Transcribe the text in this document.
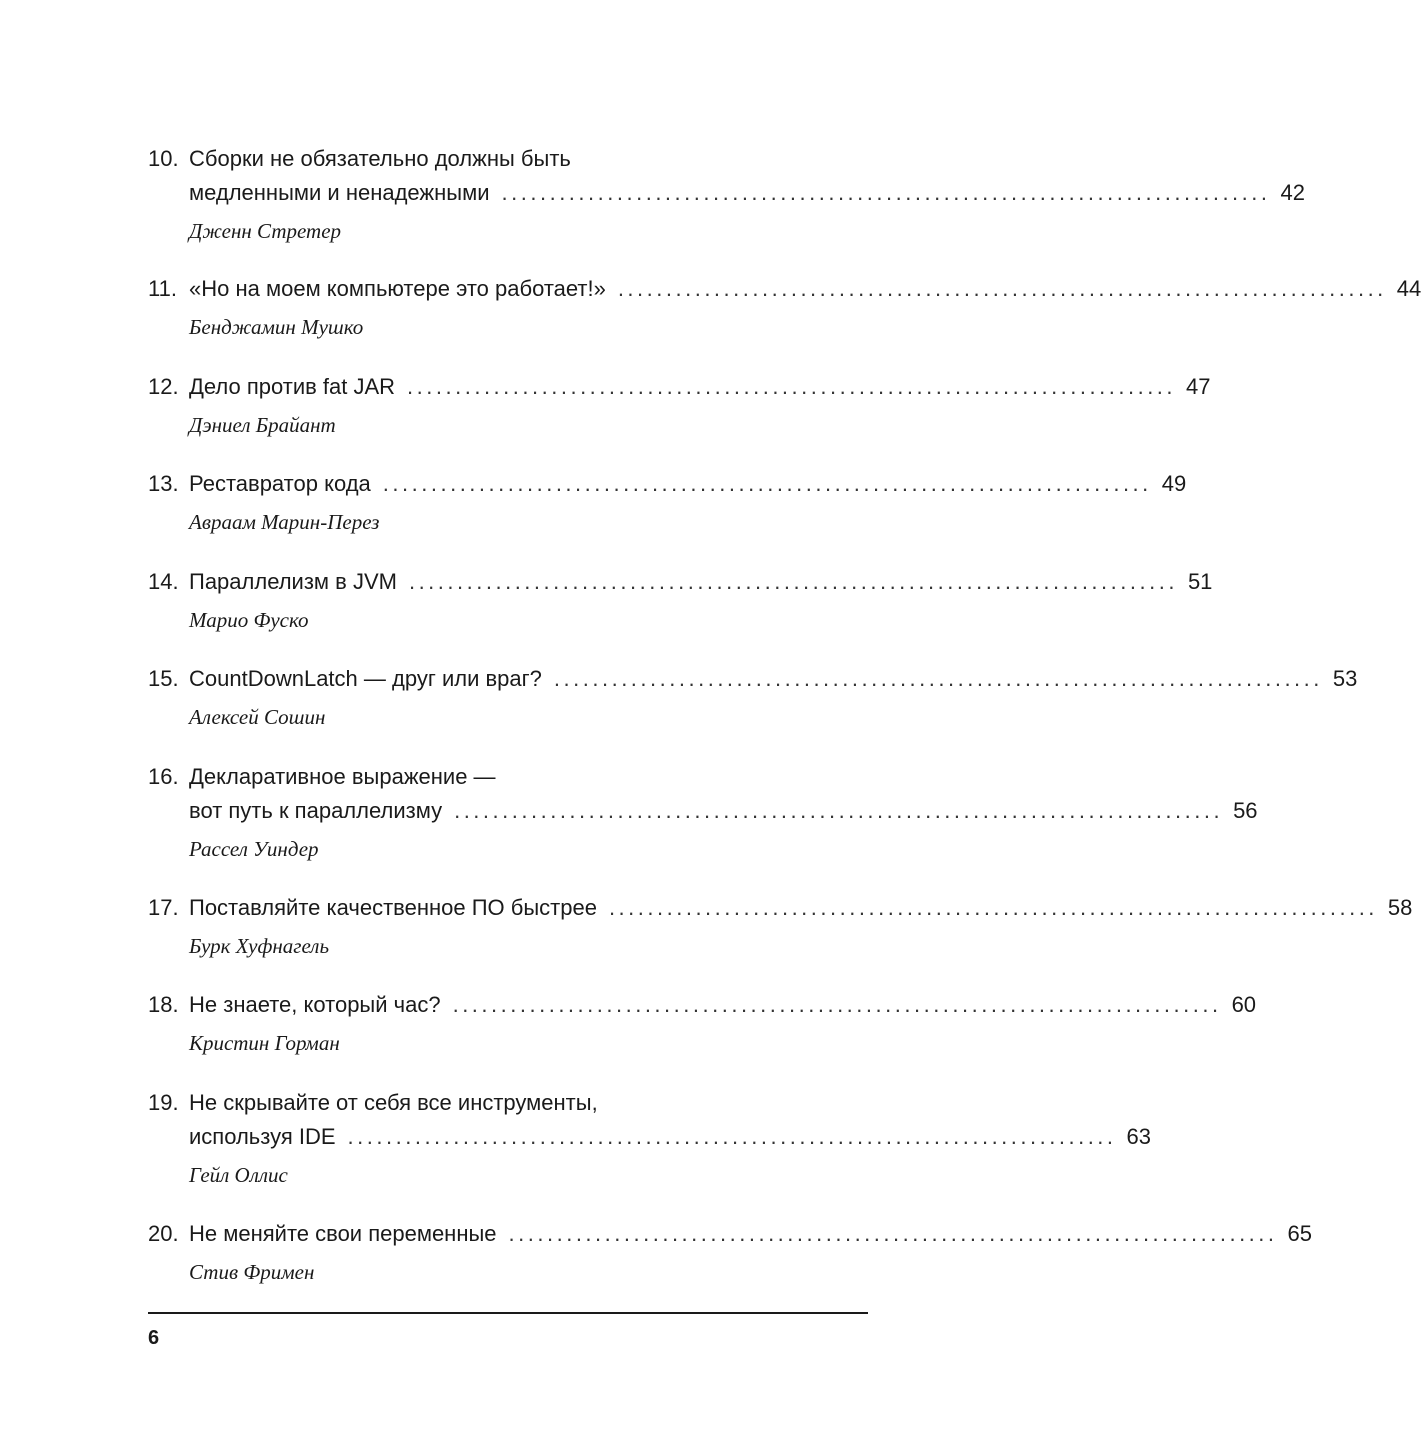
10. Сборки не обязательно должны быть
медленными и ненадежными ................................................................................ 42
Дженн Стретер
11. «Но на моем компьютере это работает!» ................................................................................ 44
Бенджамин Мушко
12. Дело против fat JAR ................................................................................ 47
Дэниел Брайант
13. Реставратор кода ................................................................................ 49
Авраам Марин-Перез
14. Параллелизм в JVM ................................................................................ 51
Марио Фуско
15. CountDownLatch — друг или враг? ................................................................................ 53
Алексей Сошин
16. Декларативное выражение —
вот путь к параллелизму ................................................................................ 56
Рассел Уиндер
17. Поставляйте качественное ПО быстрее ................................................................................ 58
Бурк Хуфнагель
18. Не знаете, который час? ................................................................................ 60
Кристин Горман
19. Не скрывайте от себя все инструменты,
используя IDE ................................................................................ 63
Гейл Оллис
20. Не меняйте свои переменные ................................................................................ 65
Стив Фримен
6
